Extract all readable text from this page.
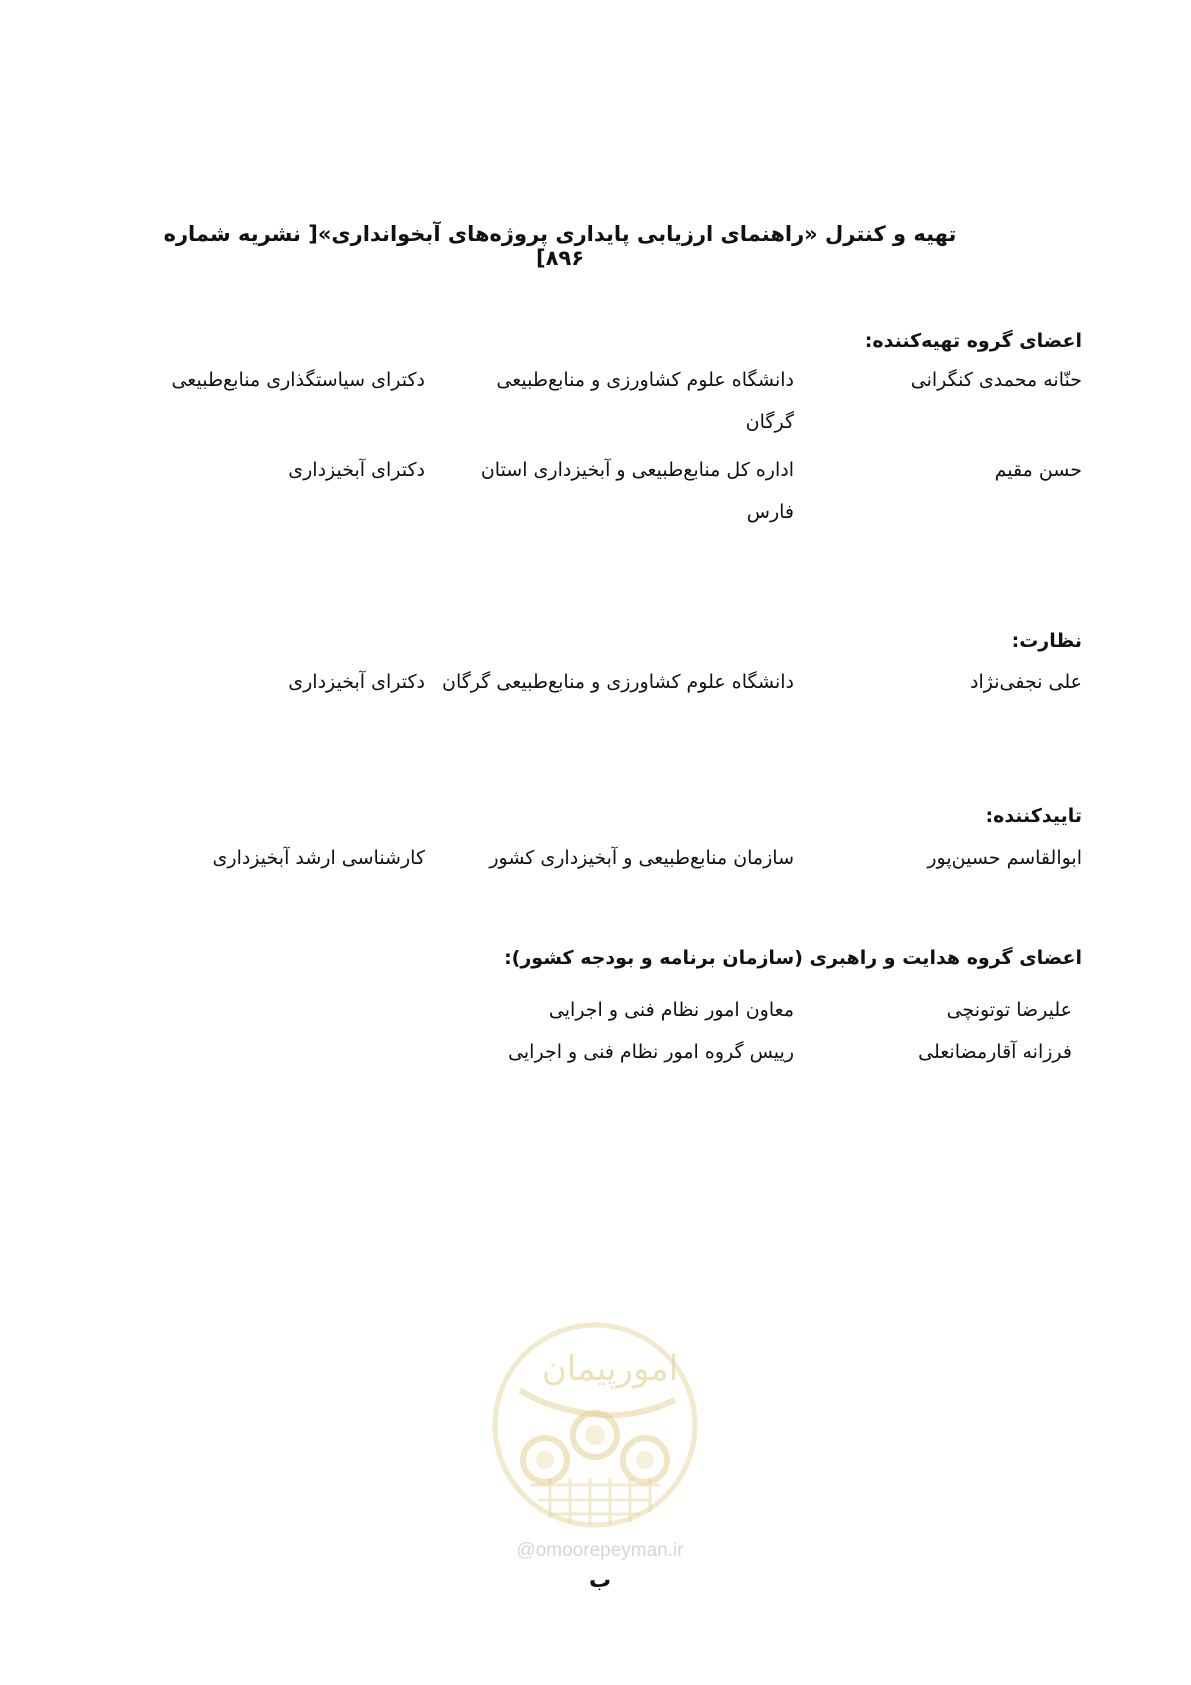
تهیه و کنترل «راهنمای ارزیابی پایداری پروژه‌های آبخوانداری»[ نشریه شماره ۸۹۶]
اعضای گروه تهیه‌کننده:
حنّانه محمدی کنگرانی
دانشگاه علوم کشاورزی و منابع‌طبیعی گرگان
دکترای سیاستگذاری منابع‌طبیعی
حسن مقیم
اداره کل منابع‌طبیعی و آبخیزداری استان فارس
دکترای آبخیزداری
نظارت:
علی نجفی‌نژاد
دانشگاه علوم کشاورزی و منابع‌طبیعی گرگان
دکترای آبخیزداری
تاییدکننده:
ابوالقاسم حسین‌پور
سازمان منابع‌طبیعی و آبخیزداری کشور
کارشناسی ارشد آبخیزداری
اعضای گروه هدایت و راهبری (سازمان برنامه و بودجه کشور):
علیرضا توتونچی
معاون امور نظام فنی و اجرایی
فرزانه آقارمضانعلی
رییس گروه امور نظام فنی و اجرایی
امورپیمان
@omoorepeyman.ir
ب
